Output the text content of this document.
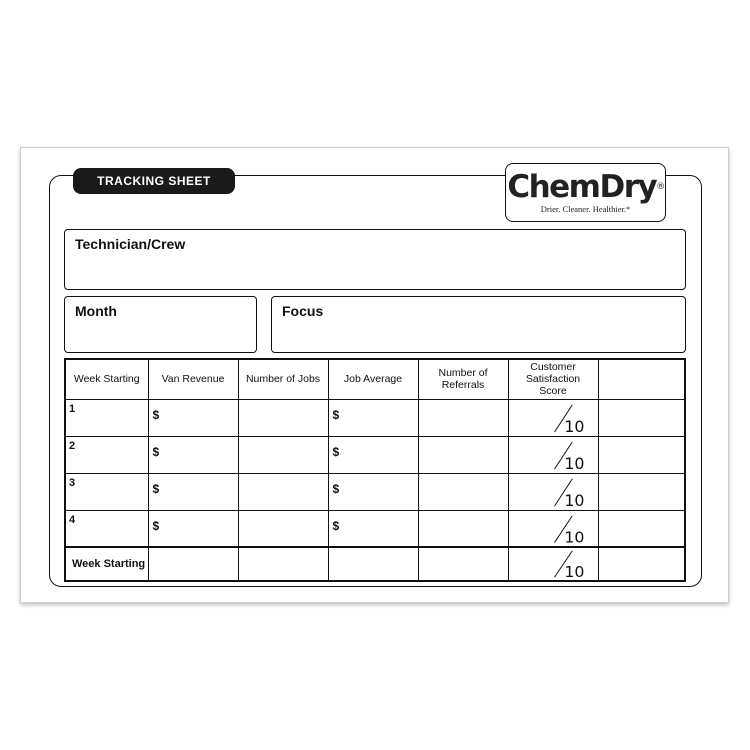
TRACKING SHEET	ChemDry®
Drier. Cleaner. Healthier.*
Technician/Crew
Month	Focus
Week Starting	Van Revenue	Number of Jobs	Job Average	Number of Referrals	Customer Satisfaction Score	
1	$		$		10	

2	$		$		10	

3	$		$		10	

4	$		$		10	

Week Starting					10	
